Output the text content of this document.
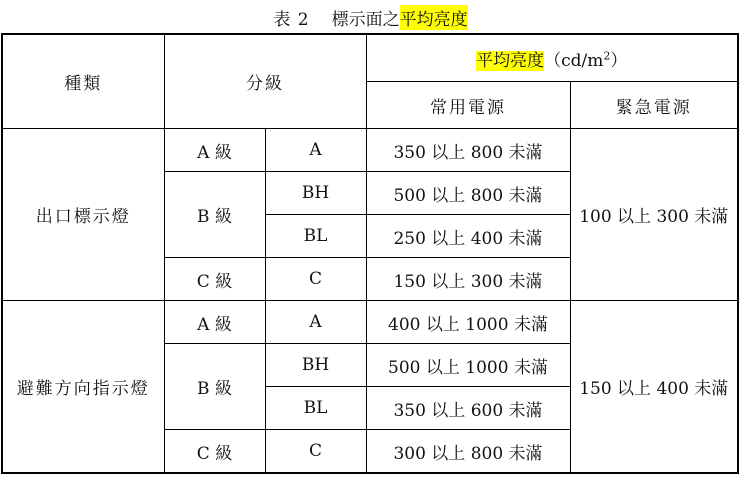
表 2 標示面之 平均亮度
種類	分級		平均亮度$(cd/m^2)$	
			常用電源	緊急電源
出口標示燈	A 級	A	350 以上 800 未滿	100 以上 300 未滿
	B 級	BH	500 以上 800 未滿	
		BL	250 以上 400 未滿	
	C 級	C	150 以上 300 未滿	
避難方向指示燈	A 級	A	400 以上 1000 未滿	150 以上 400 未滿
	B 級	BH	500 以上 1000 未滿	
		BL	350 以上 600 未滿	
	C 級	C	300 以上 800 未滿	
